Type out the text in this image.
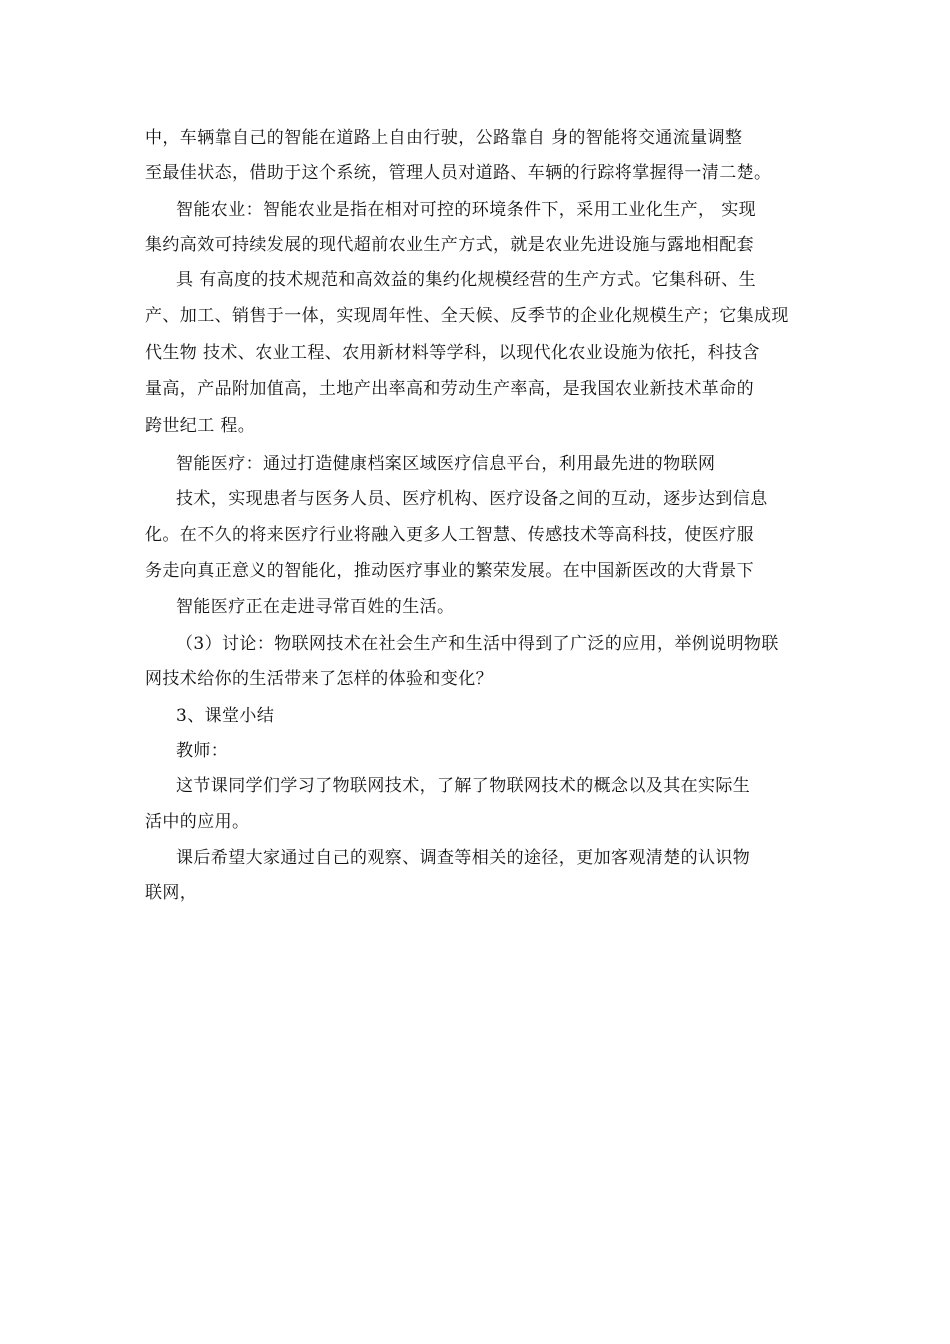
中，车辆靠自己的智能在道路上自由行驶，公路靠自 身的智能将交通流量调整
至最佳状态，借助于这个系统，管理人员对道路、车辆的行踪将掌握得一清二楚。
智能农业：智能农业是指在相对可控的环境条件下，采用工业化生产， 实现
集约高效可持续发展的现代超前农业生产方式，就是农业先进设施与露地相配套
具 有高度的技术规范和高效益的集约化规模经营的生产方式。它集科研、生
产、加工、销售于一体，实现周年性、全天候、反季节的企业化规模生产；它集成现
代生物 技术、农业工程、农用新材料等学科，以现代化农业设施为依托，科技含
量高，产品附加值高，土地产出率高和劳动生产率高，是我国农业新技术革命的
跨世纪工 程。
智能医疗：通过打造健康档案区域医疗信息平台，利用最先进的物联网
技术，实现患者与医务人员、医疗机构、医疗设备之间的互动，逐步达到信息
化。在不久的将来医疗行业将融入更多人工智慧、传感技术等高科技，使医疗服
务走向真正意义的智能化，推动医疗事业的繁荣发展。在中国新医改的大背景下
智能医疗正在走进寻常百姓的生活。
（3）讨论：物联网技术在社会生产和生活中得到了广泛的应用，举例说明物联
网技术给你的生活带来了怎样的体验和变化？
3、课堂小结
教师：
这节课同学们学习了物联网技术，了解了物联网技术的概念以及其在实际生
活中的应用。
课后希望大家通过自己的观察、调查等相关的途径，更加客观清楚的认识物
联网，
